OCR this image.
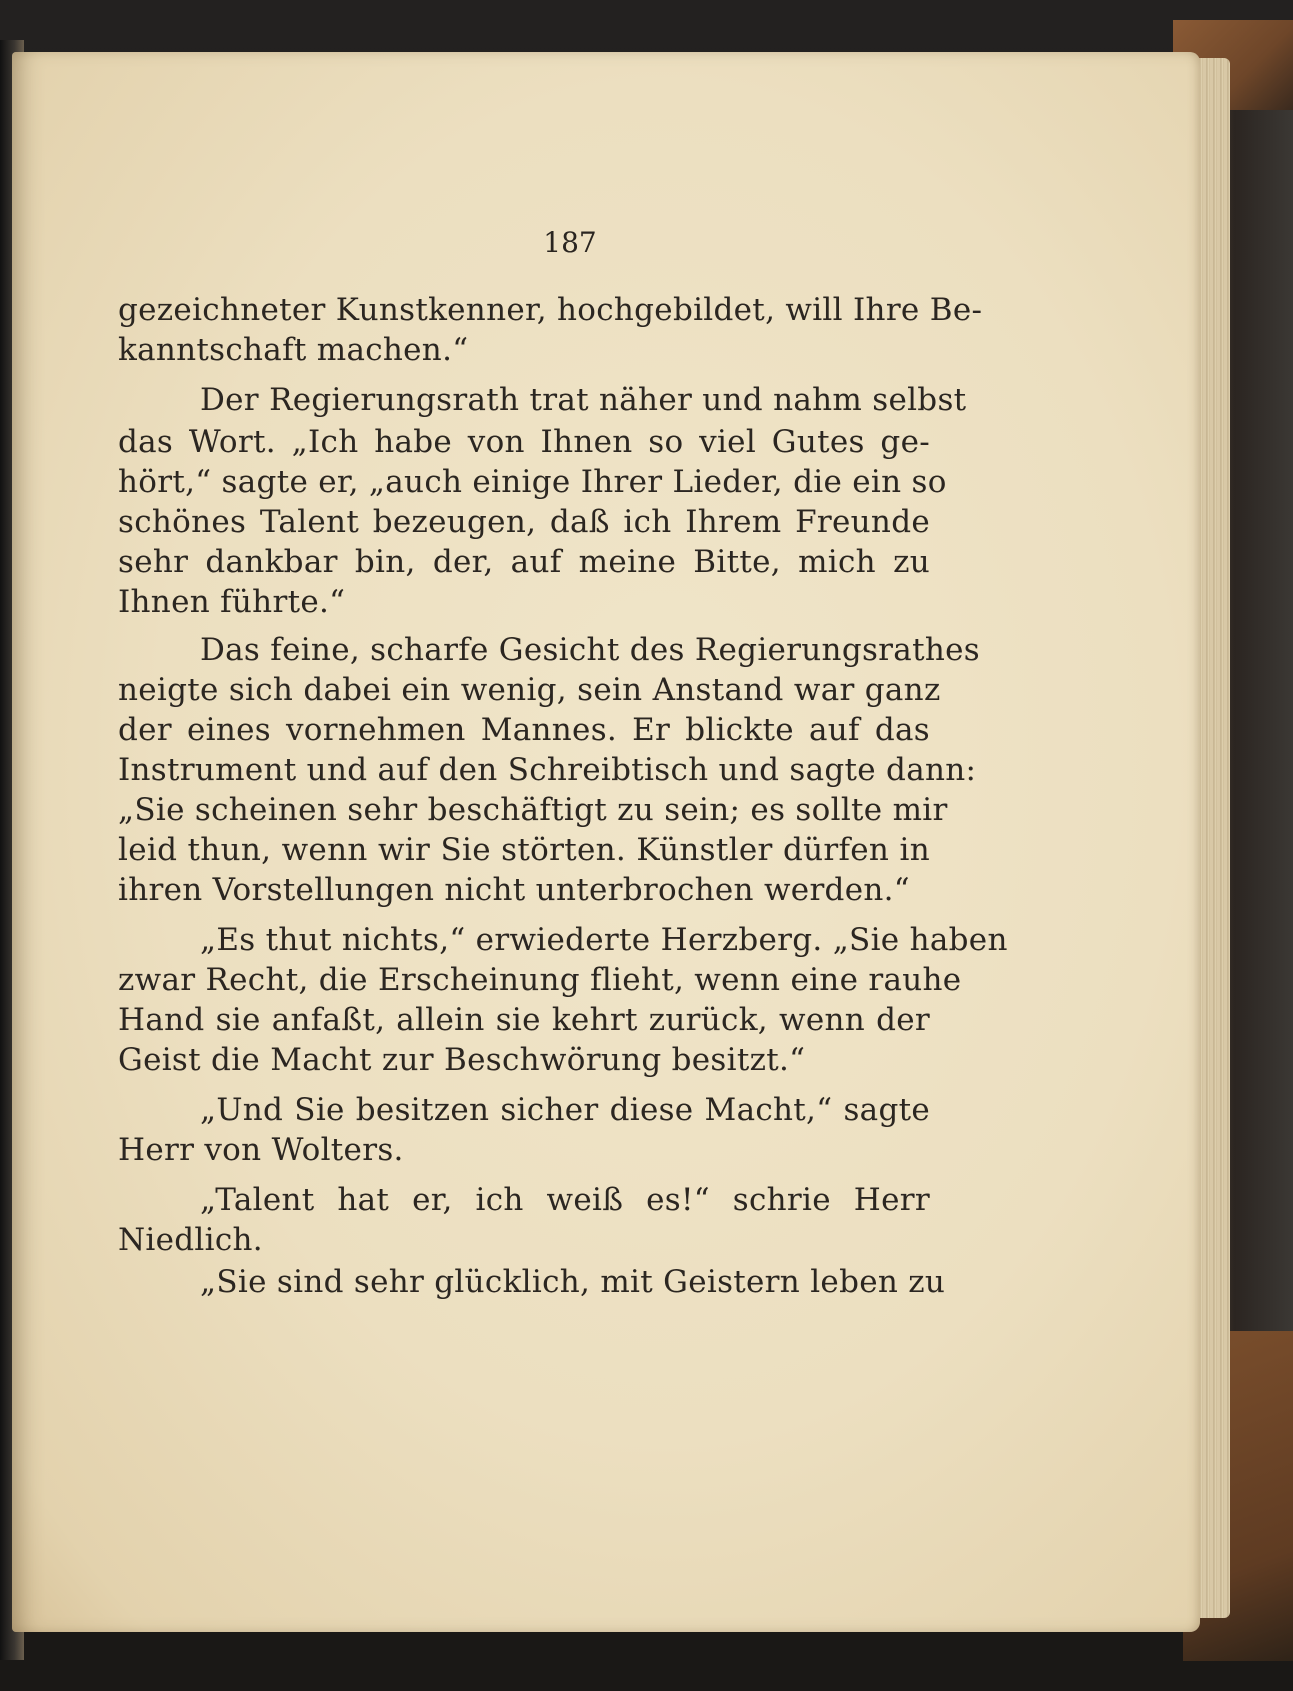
187
gezeichneter Kunstkenner, hochgebildet, will Ihre Be-
kanntschaft machen.“
Der Regierungsrath trat näher und nahm selbst
das Wort. „Ich habe von Ihnen so viel Gutes ge-
hört,“ sagte er, „auch einige Ihrer Lieder, die ein so
schönes Talent bezeugen, daß ich Ihrem Freunde
sehr dankbar bin, der, auf meine Bitte, mich zu
Ihnen führte.“
Das feine, scharfe Gesicht des Regierungsrathes
neigte sich dabei ein wenig, sein Anstand war ganz
der eines vornehmen Mannes. Er blickte auf das
Instrument und auf den Schreibtisch und sagte dann:
„Sie scheinen sehr beschäftigt zu sein; es sollte mir
leid thun, wenn wir Sie störten. Künstler dürfen in
ihren Vorstellungen nicht unterbrochen werden.“
„Es thut nichts,“ erwiederte Herzberg. „Sie haben
zwar Recht, die Erscheinung flieht, wenn eine rauhe
Hand sie anfaßt, allein sie kehrt zurück, wenn der
Geist die Macht zur Beschwörung besitzt.“
„Und Sie besitzen sicher diese Macht,“ sagte
Herr von Wolters.
„Talent hat er, ich weiß es!“ schrie Herr
Niedlich.
„Sie sind sehr glücklich, mit Geistern leben zu
